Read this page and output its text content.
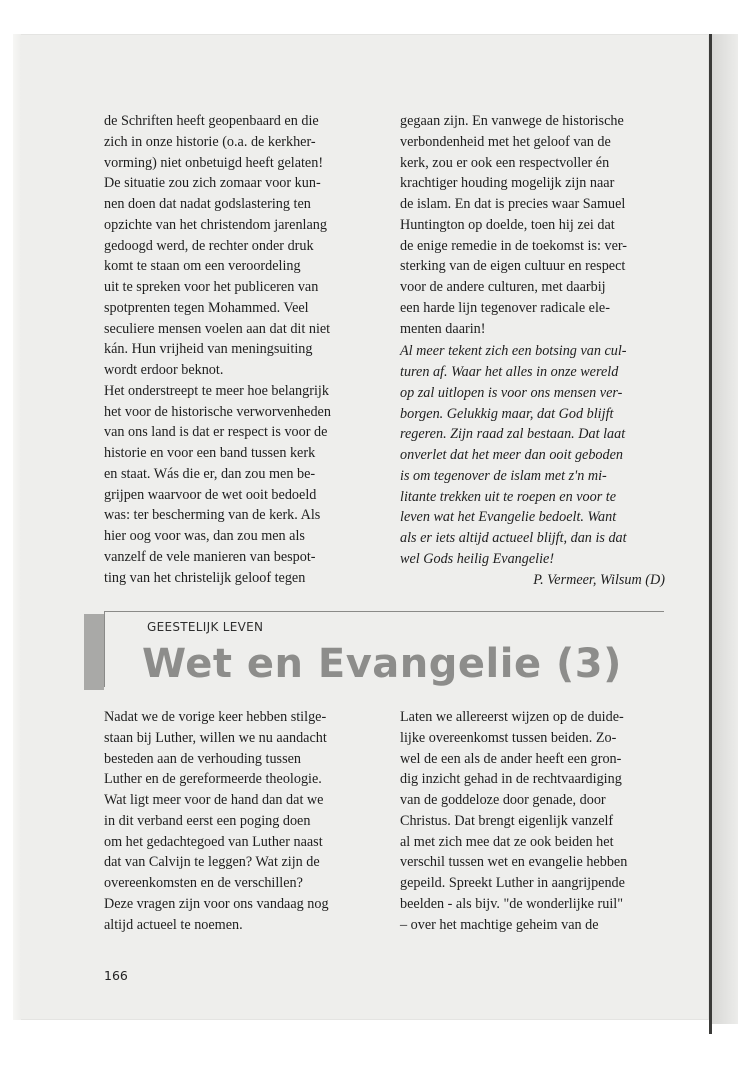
de Schriften heeft geopenbaard en die
zich in onze historie (o.a. de kerkher-
vorming) niet onbetuigd heeft gelaten!
De situatie zou zich zomaar voor kun-
nen doen dat nadat godslastering ten
opzichte van het christendom jarenlang
gedoogd werd, de rechter onder druk
komt te staan om een veroordeling
uit te spreken voor het publiceren van
spotprenten tegen Mohammed. Veel
seculiere mensen voelen aan dat dit niet
kán. Hun vrijheid van meningsuiting
wordt erdoor beknot.
Het onderstreept te meer hoe belangrijk
het voor de historische verworvenheden
van ons land is dat er respect is voor de
historie en voor een band tussen kerk
en staat. Wás die er, dan zou men be-
grijpen waarvoor de wet ooit bedoeld
was: ter bescherming van de kerk. Als
hier oog voor was, dan zou men als
vanzelf de vele manieren van bespot-
ting van het christelijk geloof tegen
gegaan zijn. En vanwege de historische
verbondenheid met het geloof van de
kerk, zou er ook een respectvoller én
krachtiger houding mogelijk zijn naar
de islam. En dat is precies waar Samuel
Huntington op doelde, toen hij zei dat
de enige remedie in de toekomst is: ver-
sterking van de eigen cultuur en respect
voor de andere culturen, met daarbij
een harde lijn tegenover radicale ele-
menten daarin!
Al meer tekent zich een botsing van cul-
turen af. Waar het alles in onze wereld
op zal uitlopen is voor ons mensen ver-
borgen. Gelukkig maar, dat God blijft
regeren. Zijn raad zal bestaan. Dat laat
onverlet dat het meer dan ooit geboden
is om tegenover de islam met z'n mi-
litante trekken uit te roepen en voor te
leven wat het Evangelie bedoelt. Want
als er iets altijd actueel blijft, dan is dat
wel Gods heilig Evangelie!
P. Vermeer, Wilsum (D)
GEESTELIJK LEVEN
Wet en Evangelie (3)
Nadat we de vorige keer hebben stilge-
staan bij Luther, willen we nu aandacht
besteden aan de verhouding tussen
Luther en de gereformeerde theologie.
Wat ligt meer voor de hand dan dat we
in dit verband eerst een poging doen
om het gedachtegoed van Luther naast
dat van Calvijn te leggen? Wat zijn de
overeenkomsten en de verschillen?
Deze vragen zijn voor ons vandaag nog
altijd actueel te noemen.
Laten we allereerst wijzen op de duide-
lijke overeenkomst tussen beiden. Zo-
wel de een als de ander heeft een gron-
dig inzicht gehad in de rechtvaardiging
van de goddeloze door genade, door
Christus. Dat brengt eigenlijk vanzelf
al met zich mee dat ze ook beiden het
verschil tussen wet en evangelie hebben
gepeild. Spreekt Luther in aangrijpende
beelden - als bijv. "de wonderlijke ruil"
– over het machtige geheim van de
166
